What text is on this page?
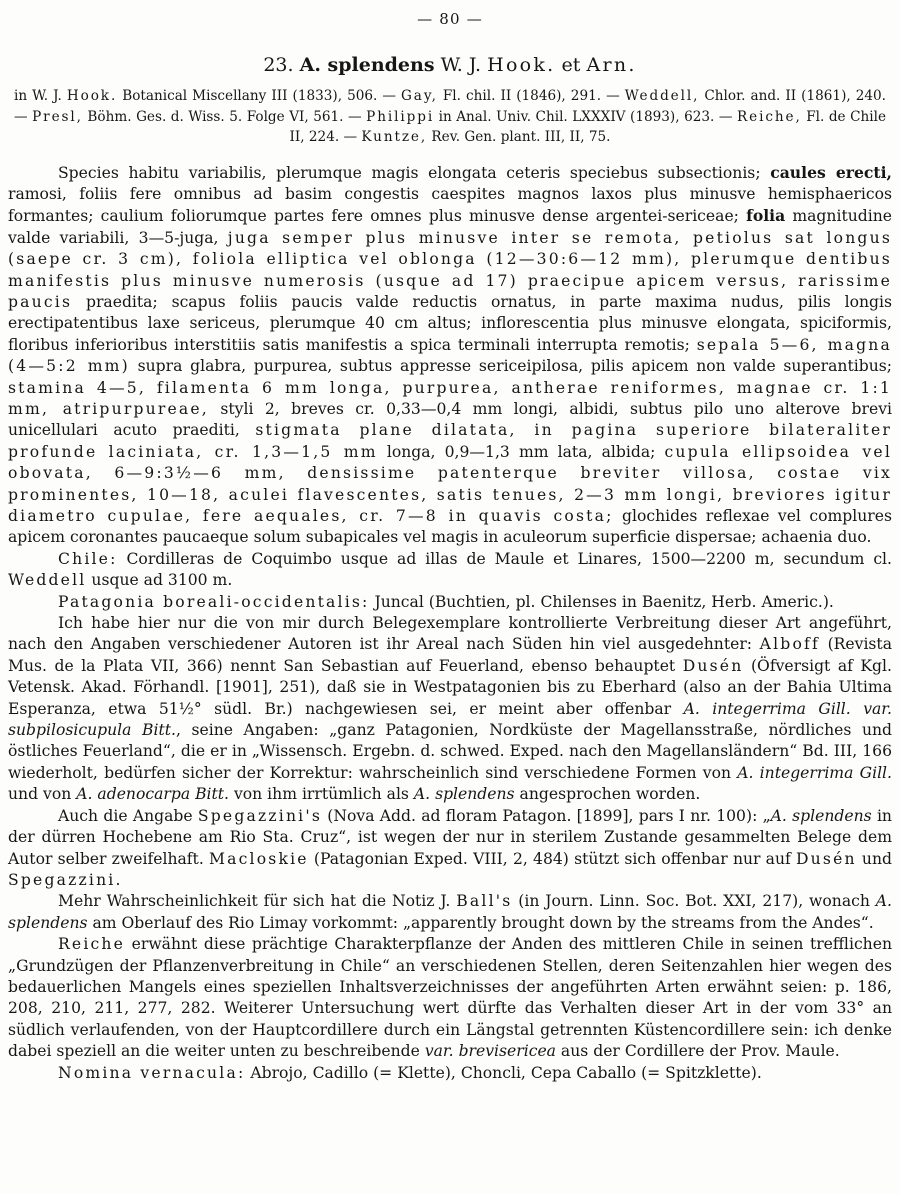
— 80 —
23. A. splendens W. J. Hook. et Arn.
in W. J. Hook. Botanical Miscellany III (1833), 506. — Gay, Fl. chil. II (1846), 291. — Weddell, Chlor. and. II (1861), 240. — Presl, Böhm. Ges. d. Wiss. 5. Folge VI, 561. — Philippi in Anal. Univ. Chil. LXXXIV (1893), 623. — Reiche, Fl. de Chile II, 224. — Kuntze, Rev. Gen. plant. III, II, 75.

Species habitu variabilis, plerumque magis elongata ceteris speciebus subsectionis; caules erecti, ramosi, foliis fere omnibus ad basim congestis caespites magnos laxos plus minusve hemisphaericos formantes; caulium foliorumque partes fere omnes plus minusve dense argentei-sericeae; folia magnitudine valde variabili, 3—5-juga, juga semper plus minusve inter se remota, petiolus sat longus (saepe cr. 3 cm), foliola elliptica vel oblonga (12—30:6—12 mm), plerumque dentibus manifestis plus minusve numerosis (usque ad 17) praecipue apicem versus, rarissime paucis praedita; scapus foliis paucis valde reductis ornatus, in parte maxima nudus, pilis longis erectipatentibus laxe sericeus, plerumque 40 cm altus; inflorescentia plus minusve elongata, spiciformis, floribus inferioribus interstitiis satis manifestis a spica terminali interrupta remotis; sepala 5—6, magna (4—5:2 mm) supra glabra, purpurea, subtus appresse sericeipilosa, pilis apicem non valde superantibus; stamina 4—5, filamenta 6 mm longa, purpurea, antherae reniformes, magnae cr. 1:1 mm, atripurpureae, styli 2, breves cr. 0,33—0,4 mm longi, albidi, subtus pilo uno alterove brevi unicellulari acuto praediti, stigmata plane dilatata, in pagina superiore bilateraliter profunde laciniata, cr. 1,3—1,5 mm longa, 0,9—1,3 mm lata, albida; cupula ellipsoidea vel obovata, 6—9:3½—6 mm, densissime patenterque breviter villosa, costae vix prominentes, 10—18, aculei flavescentes, satis tenues, 2—3 mm longi, breviores igitur diametro cupulae, fere aequales, cr. 7—8 in quavis costa; glochides reflexae vel complures apicem coronantes paucaeque solum subapicales vel magis in aculeorum superficie dispersae; achaenia duo.

Chile: Cordilleras de Coquimbo usque ad illas de Maule et Linares, 1500—2200 m, secundum cl. Weddell usque ad 3100 m.

Patagonia boreali-occidentalis: Juncal (Buchtien, pl. Chilenses in Baenitz, Herb. Americ.).

Ich habe hier nur die von mir durch Belegexemplare kontrollierte Verbreitung dieser Art angeführt, nach den Angaben verschiedener Autoren ist ihr Areal nach Süden hin viel ausgedehnter: Alboff (Revista Mus. de la Plata VII, 366) nennt San Sebastian auf Feuerland, ebenso behauptet Dusén (Öfversigt af Kgl. Vetensk. Akad. Förhandl. [1901], 251), daß sie in Westpatagonien bis zu Eberhard (also an der Bahia Ultima Esperanza, etwa 51½° südl. Br.) nachgewiesen sei, er meint aber offenbar A. integerrima Gill. var. subpilosicupula Bitt., seine Angaben: „ganz Patagonien, Nordküste der Magellansstraße, nördliches und östliches Feuerland“, die er in „Wissensch. Ergebn. d. schwed. Exped. nach den Magellansländern“ Bd. III, 166 wiederholt, bedürfen sicher der Korrektur: wahrscheinlich sind verschiedene Formen von A. integerrima Gill. und von A. adenocarpa Bitt. von ihm irrtümlich als A. splendens angesprochen worden.

Auch die Angabe Spegazzini's (Nova Add. ad floram Patagon. [1899], pars I nr. 100): „A. splendens in der dürren Hochebene am Rio Sta. Cruz“, ist wegen der nur in sterilem Zustande gesammelten Belege dem Autor selber zweifelhaft. Macloskie (Patagonian Exped. VIII, 2, 484) stützt sich offenbar nur auf Dusén und Spegazzini.

Mehr Wahrscheinlichkeit für sich hat die Notiz J. Ball's (in Journ. Linn. Soc. Bot. XXI, 217), wonach A. splendens am Oberlauf des Rio Limay vorkommt: „apparently brought down by the streams from the Andes“.

Reiche erwähnt diese prächtige Charakterpflanze der Anden des mittleren Chile in seinen trefflichen „Grundzügen der Pflanzenverbreitung in Chile“ an verschiedenen Stellen, deren Seitenzahlen hier wegen des bedauerlichen Mangels eines speziellen Inhaltsverzeichnisses der angeführten Arten erwähnt seien: p. 186, 208, 210, 211, 277, 282. Weiterer Untersuchung wert dürfte das Verhalten dieser Art in der vom 33° an südlich verlaufenden, von der Hauptcordillere durch ein Längstal getrennten Küstencordillere sein: ich denke dabei speziell an die weiter unten zu beschreibende var. brevisericea aus der Cordillere der Prov. Maule.

Nomina vernacula: Abrojo, Cadillo (= Klette), Choncli, Cepa Caballo (= Spitzklette).
